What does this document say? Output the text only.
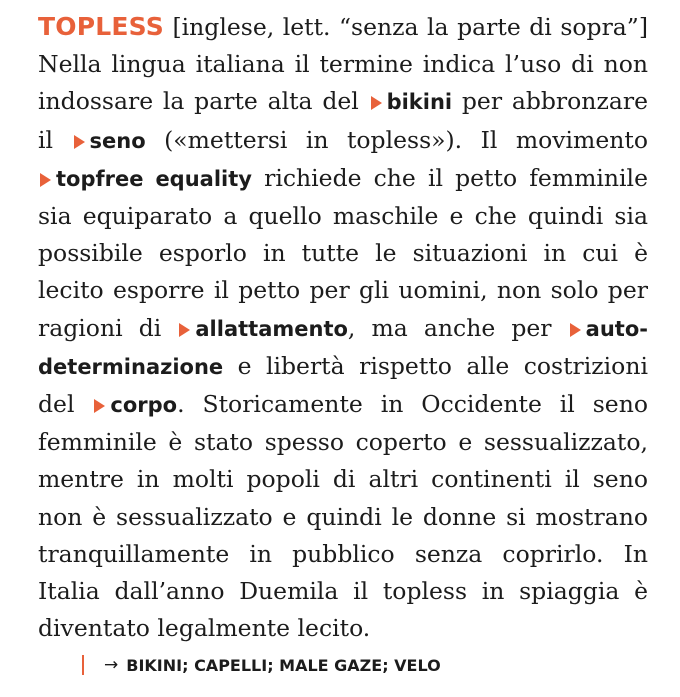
TOPLESS [inglese, lett. “senza la parte di sopra”] Nella lingua italiana il termine indica l’uso di non indossare la parte alta del bikini per abbronzare il seno («mettersi in topless»). Il movimento topfree equality richiede che il petto femminile sia equiparato a quello maschile e che quindi sia possibile esporlo in tutte le situazioni in cui è lecito esporre il petto per gli uomini, non solo per ragioni di allattamento, ma anche per autodeterminazione e libertà rispetto alle costrizioni del corpo. Storicamente in Occidente il seno femminile è stato spesso coperto e sessualizzato, mentre in molti popoli di altri continenti il seno non è sessualizzato e quindi le donne si mostrano tranquillamente in pubblico senza coprirlo. In Italia dall’anno Duemila il topless in spiaggia è diventato legalmente lecito.
→ BIKINI; CAPELLI; MALE GAZE; VELO
